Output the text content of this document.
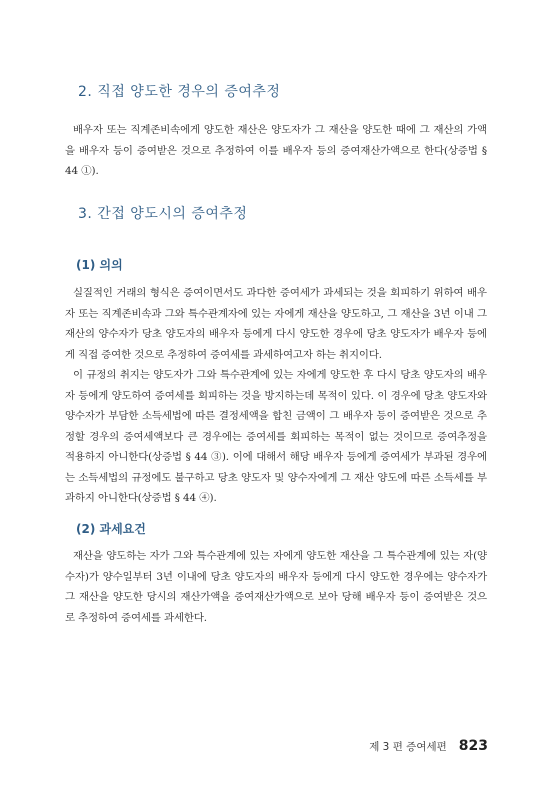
2. 직접 양도한 경우의 증여추정

배우자 또는 직계존비속에게 양도한 재산은 양도자가 그 재산을 양도한 때에 그 재산의 가액을 배우자 등이 증여받은 것으로 추정하여 이를 배우자 등의 증여재산가액으로 한다(상증법 § 44 ①).

3. 간접 양도시의 증여추정
(1) 의의

실질적인 거래의 형식은 증여이면서도 과다한 증여세가 과세되는 것을 회피하기 위하여 배우자 또는 직계존비속과 그와 특수관계자에 있는 자에게 재산을 양도하고, 그 재산을 3년 이내 그 재산의 양수자가 당초 양도자의 배우자 등에게 다시 양도한 경우에 당초 양도자가 배우자 등에게 직접 증여한 것으로 추정하여 증여세를 과세하여고자 하는 취지이다.

이 규정의 취지는 양도자가 그와 특수관계에 있는 자에게 양도한 후 다시 당초 양도자의 배우자 등에게 양도하여 증여세를 회피하는 것을 방지하는데 목적이 있다. 이 경우에 당초 양도자와 양수자가 부담한 소득세법에 따른 결정세액을 합친 금액이 그 배우자 등이 증여받은 것으로 추정할 경우의 증여세액보다 큰 경우에는 증여세를 회피하는 목적이 없는 것이므로 증여추정을 적용하지 아니한다(상증법 § 44 ③). 이에 대해서 해당 배우자 등에게 증여세가 부과된 경우에는 소득세법의 규정에도 불구하고 당초 양도자 및 양수자에게 그 재산 양도에 따른 소득세를 부과하지 아니한다(상증법 § 44 ④).

(2) 과세요건

재산을 양도하는 자가 그와 특수관계에 있는 자에게 양도한 재산을 그 특수관계에 있는 자(양수자)가 양수일부터 3년 이내에 당초 양도자의 배우자 등에게 다시 양도한 경우에는 양수자가 그 재산을 양도한 당시의 재산가액을 증여재산가액으로 보아 당해 배우자 등이 증여받은 것으로 추정하여 증여세를 과세한다.

제 3 편 증여세편 823
